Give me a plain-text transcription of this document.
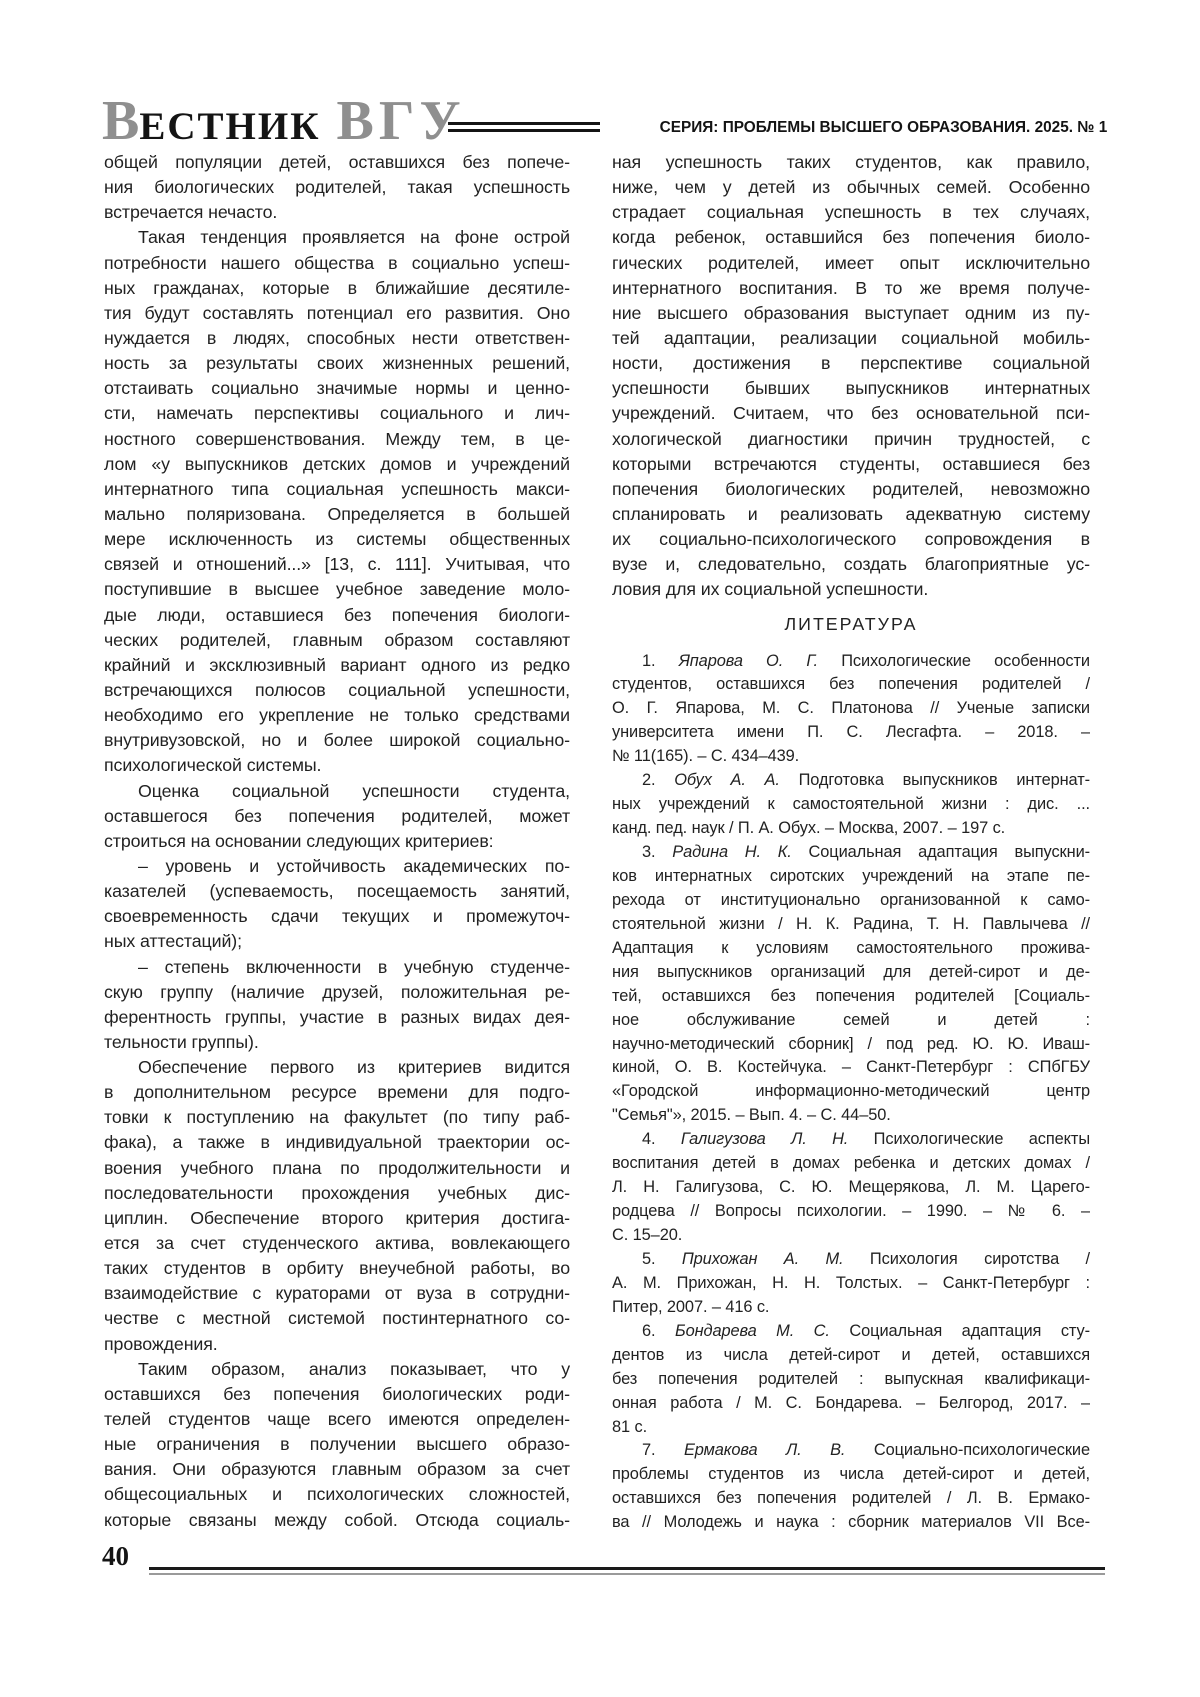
ВЕСТНИК ВГУ	СЕРИЯ: ПРОБЛЕМЫ ВЫСШЕГО ОБРАЗОВАНИЯ. 2025. № 1
общей популяции детей, оставшихся без попече-
ния биологических родителей, такая успешность
встречается нечасто.
Такая тенденция проявляется на фоне острой
потребности нашего общества в социально успеш-
ных гражданах, которые в ближайшие десятиле-
тия будут составлять потенциал его развития. Оно
нуждается в людях, способных нести ответствен-
ность за результаты своих жизненных решений,
отстаивать социально значимые нормы и ценно-
сти, намечать перспективы социального и лич-
ностного совершенствования. Между тем, в це-
лом «у выпускников детских домов и учреждений
интернатного типа социальная успешность макси-
мально поляризована. Определяется в большей
мере исключенность из системы общественных
связей и отношений...» [13, с. 111]. Учитывая, что
поступившие в высшее учебное заведение моло-
дые люди, оставшиеся без попечения биологи-
ческих родителей, главным образом составляют
крайний и эксклюзивный вариант одного из редко
встречающихся полюсов социальной успешности,
необходимо его укрепление не только средствами
внутривузовской, но и более широкой социально-
психологической системы.
Оценка социальной успешности студента,
оставшегося без попечения родителей, может
строиться на основании следующих критериев:
– уровень и устойчивость академических по-
казателей (успеваемость, посещаемость занятий,
своевременность сдачи текущих и промежуточ-
ных аттестаций);
– степень включенности в учебную студенче-
скую группу (наличие друзей, положительная ре-
ферентность группы, участие в разных видах дея-
тельности группы).
Обеспечение первого из критериев видится
в дополнительном ресурсе времени для подго-
товки к поступлению на факультет (по типу раб-
фака), а также в индивидуальной траектории ос-
воения учебного плана по продолжительности и
последовательности прохождения учебных дис-
циплин. Обеспечение второго критерия достига-
ется за счет студенческого актива, вовлекающего
таких студентов в орбиту внеучебной работы, во
взаимодействие с кураторами от вуза в сотрудни-
честве с местной системой постинтернатного со-
провождения.
Таким образом, анализ показывает, что у
оставшихся без попечения биологических роди-
телей студентов чаще всего имеются определен-
ные ограничения в получении высшего образо-
вания. Они образуются главным образом за счет
общесоциальных и психологических сложностей,
которые связаны между собой. Отсюда социаль-
ная успешность таких студентов, как правило,
ниже, чем у детей из обычных семей. Особенно
страдает социальная успешность в тех случаях,
когда ребенок, оставшийся без попечения биоло-
гических родителей, имеет опыт исключительно
интернатного воспитания. В то же время получе-
ние высшего образования выступает одним из пу-
тей адаптации, реализации социальной мобиль-
ности, достижения в перспективе социальной
успешности бывших выпускников интернатных
учреждений. Считаем, что без основательной пси-
хологической диагностики причин трудностей, с
которыми встречаются студенты, оставшиеся без
попечения биологических родителей, невозможно
спланировать и реализовать адекватную систему
их социально-психологического сопровождения в
вузе и, следовательно, создать благоприятные ус-
ловия для их социальной успешности.
ЛИТЕРАТУРА
1. Япарова О. Г. Психологические особенности
студентов, оставшихся без попечения родителей /
О. Г. Япарова, М. С. Платонова // Ученые записки
университета имени П. С. Лесгафта. – 2018. –
№ 11(165). – С. 434–439.
2. Обух А. А. Подготовка выпускников интернат-
ных учреждений к самостоятельной жизни : дис. ...
канд. пед. наук / П. А. Обух. – Москва, 2007. – 197 с.
3. Радина Н. К. Социальная адаптация выпускни-
ков интернатных сиротских учреждений на этапе пе-
рехода от институционально организованной к само-
стоятельной жизни / Н. К. Радина, Т. Н. Павлычева //
Адаптация к условиям самостоятельного прожива-
ния выпускников организаций для детей-сирот и де-
тей, оставшихся без попечения родителей [Социаль-
ное обслуживание семей и детей :
научно-методический сборник] / под ред. Ю. Ю. Иваш-
киной, О. В. Костейчука. – Санкт-Петербург : СПбГБУ
«Городской информационно-методический центр
"Семья"», 2015. – Вып. 4. – С. 44–50.
4. Галигузова Л. Н. Психологические аспекты
воспитания детей в домах ребенка и детских домах /
Л. Н. Галигузова, С. Ю. Мещерякова, Л. М. Царего-
родцева // Вопросы психологии. – 1990. – № 6. –
С. 15–20.
5. Прихожан А. М. Психология сиротства /
А. М. Прихожан, Н. Н. Толстых. – Санкт-Петербург :
Питер, 2007. – 416 с.
6. Бондарева М. С. Социальная адаптация сту-
дентов из числа детей-сирот и детей, оставшихся
без попечения родителей : выпускная квалификаци-
онная работа / М. С. Бондарева. – Белгород, 2017. –
81 с.
7. Ермакова Л. В. Социально-психологические
проблемы студентов из числа детей-сирот и детей,
оставшихся без попечения родителей / Л. В. Ермако-
ва // Молодежь и наука : сборник материалов VII Все-
40
